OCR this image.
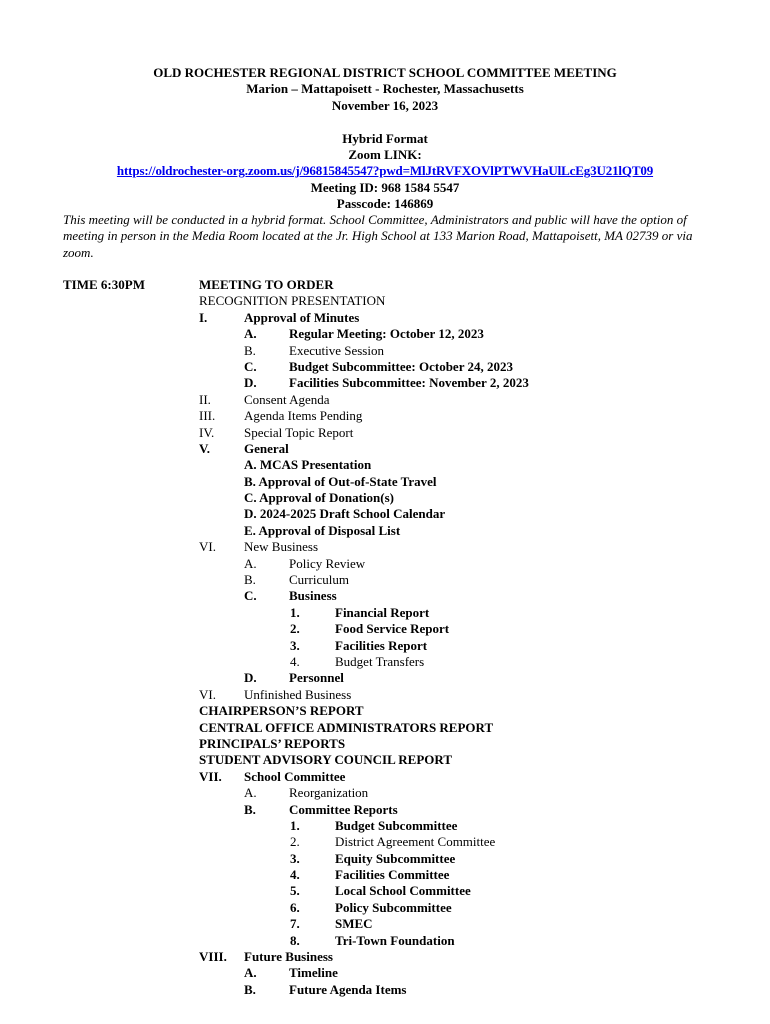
OLD ROCHESTER REGIONAL DISTRICT SCHOOL COMMITTEE MEETING
Marion – Mattapoisett - Rochester, Massachusetts
November 16, 2023
Hybrid Format
Zoom LINK:
https://oldrochester-org.zoom.us/j/96815845547?pwd=MlJtRVFXOVlPTWVHaUlLcEg3U21lQT09
Meeting ID: 968 1584 5547
Passcode: 146869
This meeting will be conducted in a hybrid format. School Committee, Administrators and public will have the option of meeting in person in the Media Room located at the Jr. High School at 133 Marion Road, Mattapoisett, MA 02739 or via zoom.
TIME 6:30PM	MEETING TO ORDER
RECOGNITION PRESENTATION
I.	Approval of Minutes
A. Regular Meeting: October 12, 2023
B.	Executive Session
C. Budget Subcommittee: October 24, 2023
D. Facilities Subcommittee: November 2, 2023
II.	Consent Agenda
III. Agenda Items Pending
IV. Special Topic Report
V.	General
A. MCAS Presentation
B. Approval of Out-of-State Travel
C. Approval of Donation(s)
D. 2024-2025 Draft School Calendar
E. Approval of Disposal List
VI. New Business
A. Policy Review
B.	Curriculum
C. Business
1.	Financial Report
2.	Food Service Report
3.	Facilities Report
4.	Budget Transfers
D. Personnel
VI. Unfinished Business
CHAIRPERSON’S REPORT
CENTRAL OFFICE ADMINISTRATORS REPORT
PRINCIPALS’ REPORTS
STUDENT ADVISORY COUNCIL REPORT
VII. School Committee
A. Reorganization
B.	Committee Reports
1.	Budget Subcommittee
2.	District Agreement Committee
3.	Equity Subcommittee
4.	Facilities Committee
5.	Local School Committee
6.	Policy Subcommittee
7.	SMEC
8.	Tri-Town Foundation
VIII. Future Business
A. Timeline
B.	Future Agenda Items
